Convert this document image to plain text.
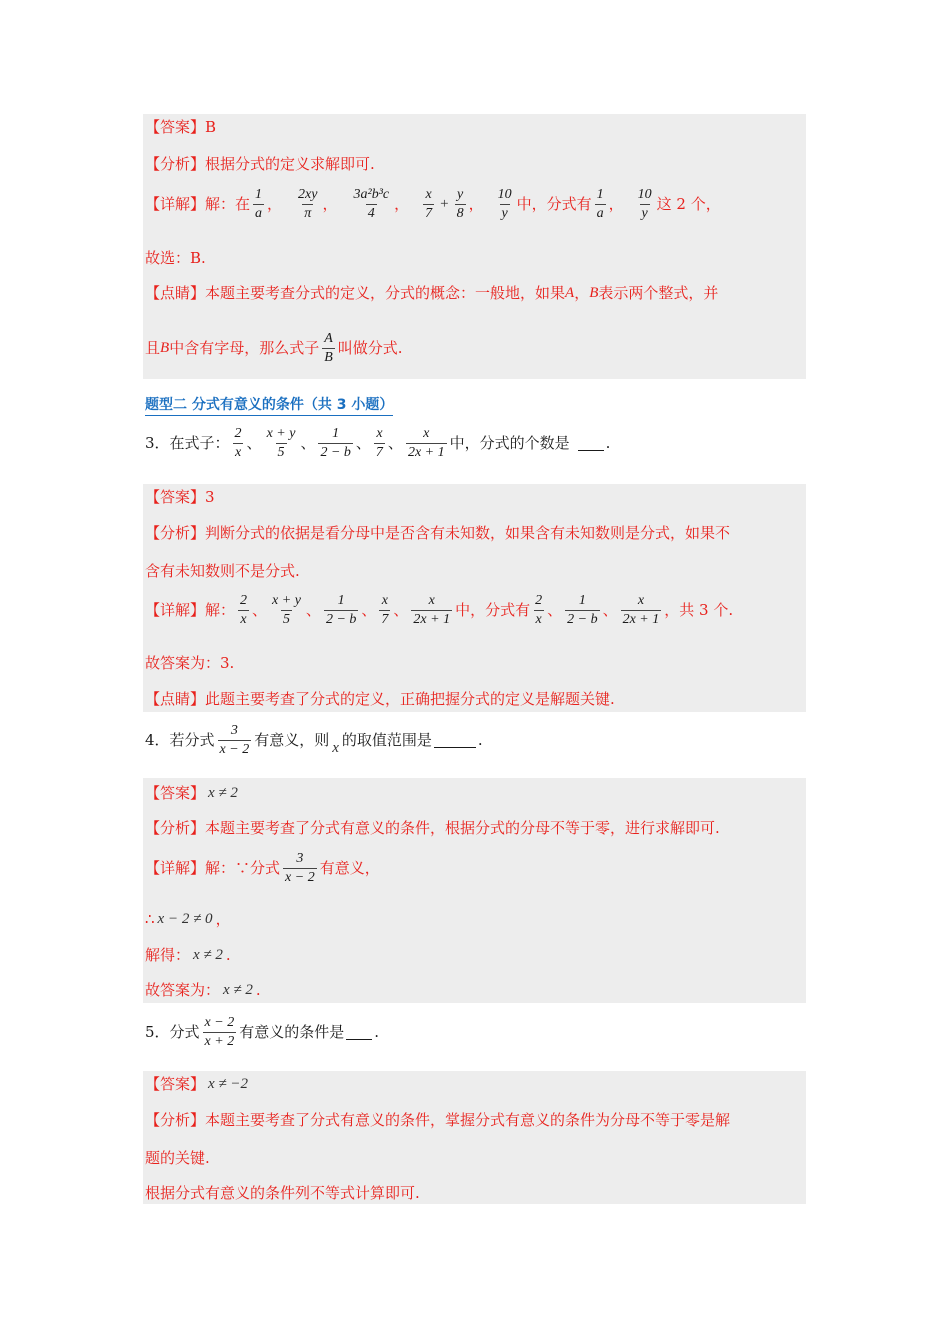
【答案】 B
【分析】 根据分式的定义求解即可.
【详解】 解：在 $\frac{1}{a}$ ， $\frac{2xy}{\pi}$ ， $\frac{\text{3a²b³c}}{4}$ ， $\frac{x}{7} + \frac{y}{8}$ ， $\frac{10}{y}$ 中，分式有 $\frac{1}{a}$ ， $\frac{10}{y}$ 这 2 个，
故选：B.
【点睛】 本题主要考查分式的定义，分式的概念：一般地，如果 A ， B 表示两个整式，并
且 B 中含有字母，那么式子 $\frac{A}{B}$ 叫做分式.
题型二 分式有意义的条件（共 3 小题）
3．在式子： $\frac{2}{x}$ 、 $\frac{x + y}{5}$ 、 $\frac{1}{2 - b}$ 、 $\frac{x}{7}$ 、 $\frac{x}{2x + 1}$ 中，分式的个数是 .
【答案】 3
【分析】 判断分式的依据是看分母中是否含有未知数，如果含有未知数则是分式，如果不
含有未知数则不是分式.
【详解】 解： $\frac{2}{x}$ 、 $\frac{x + y}{5}$ 、 $\frac{1}{2 - b}$ 、 $\frac{x}{7}$ 、 $\frac{x}{2x + 1}$ 中，分式有 $\frac{2}{x}$ 、 $\frac{1}{2 - b}$ 、 $\frac{x}{2x + 1}$ ，共 3 个.
故答案为：3.
【点睛】 此题主要考查了分式的定义，正确把握分式的定义是解题关键.
4．若分式 $\frac{3}{x - 2}$ 有意义，则 x 的取值范围是	.
【答案】 x ≠ 2
【分析】 本题主要考查了分式有意义的条件，根据分式的分母不等于零，进行求解即可.
【详解】 解：∵分式 $\frac{3}{x - 2}$ 有意义，
∴ x − 2 ≠ 0 ，
解得： x ≠ 2 .
故答案为： x ≠ 2 .
5．分式 $\frac{x - 2}{x + 2}$ 有意义的条件是 .
【答案】 x ≠ −2
【分析】 本题主要考查了分式有意义的条件，掌握分式有意义的条件为分母不等于零是解
题的关键.
根据分式有意义的条件列不等式计算即可.
